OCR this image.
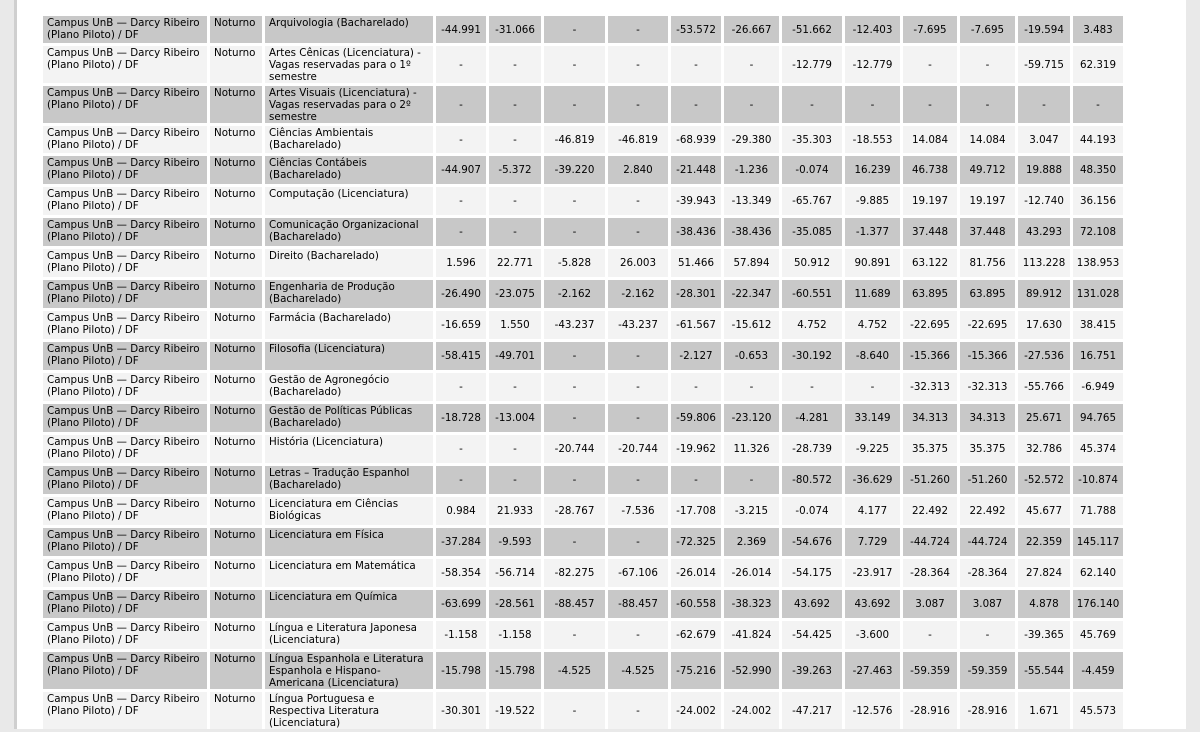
Campus UnB — Darcy Ribeiro (Plano Piloto) / DF	Noturno	Arquivologia (Bacharelado)	-44.991	-31.066	-	-	-53.572	-26.667	-51.662	-12.403	-7.695	-7.695	-19.594	3.483
Campus UnB — Darcy Ribeiro (Plano Piloto) / DF	Noturno	Artes Cênicas (Licenciatura) - Vagas reservadas para o 1º semestre	-	-	-	-	-	-	-12.779	-12.779	-	-	-59.715	62.319
Campus UnB — Darcy Ribeiro (Plano Piloto) / DF	Noturno	Artes Visuais (Licenciatura) - Vagas reservadas para o 2º semestre	-	-	-	-	-	-	-	-	-	-	-	-
Campus UnB — Darcy Ribeiro (Plano Piloto) / DF	Noturno	Ciências Ambientais (Bacharelado)	-	-	-46.819	-46.819	-68.939	-29.380	-35.303	-18.553	14.084	14.084	3.047	44.193
Campus UnB — Darcy Ribeiro (Plano Piloto) / DF	Noturno	Ciências Contábeis (Bacharelado)	-44.907	-5.372	-39.220	2.840	-21.448	-1.236	-0.074	16.239	46.738	49.712	19.888	48.350
Campus UnB — Darcy Ribeiro (Plano Piloto) / DF	Noturno	Computação (Licenciatura)	-	-	-	-	-39.943	-13.349	-65.767	-9.885	19.197	19.197	-12.740	36.156
Campus UnB — Darcy Ribeiro (Plano Piloto) / DF	Noturno	Comunicação Organizacional (Bacharelado)	-	-	-	-	-38.436	-38.436	-35.085	-1.377	37.448	37.448	43.293	72.108
Campus UnB — Darcy Ribeiro (Plano Piloto) / DF	Noturno	Direito (Bacharelado)	1.596	22.771	-5.828	26.003	51.466	57.894	50.912	90.891	63.122	81.756	113.228	138.953
Campus UnB — Darcy Ribeiro (Plano Piloto) / DF	Noturno	Engenharia de Produção (Bacharelado)	-26.490	-23.075	-2.162	-2.162	-28.301	-22.347	-60.551	11.689	63.895	63.895	89.912	131.028
Campus UnB — Darcy Ribeiro (Plano Piloto) / DF	Noturno	Farmácia (Bacharelado)	-16.659	1.550	-43.237	-43.237	-61.567	-15.612	4.752	4.752	-22.695	-22.695	17.630	38.415
Campus UnB — Darcy Ribeiro (Plano Piloto) / DF	Noturno	Filosofia (Licenciatura)	-58.415	-49.701	-	-	-2.127	-0.653	-30.192	-8.640	-15.366	-15.366	-27.536	16.751
Campus UnB — Darcy Ribeiro (Plano Piloto) / DF	Noturno	Gestão de Agronegócio (Bacharelado)	-	-	-	-	-	-	-	-	-32.313	-32.313	-55.766	-6.949
Campus UnB — Darcy Ribeiro (Plano Piloto) / DF	Noturno	Gestão de Políticas Públicas (Bacharelado)	-18.728	-13.004	-	-	-59.806	-23.120	-4.281	33.149	34.313	34.313	25.671	94.765
Campus UnB — Darcy Ribeiro (Plano Piloto) / DF	Noturno	História (Licenciatura)	-	-	-20.744	-20.744	-19.962	11.326	-28.739	-9.225	35.375	35.375	32.786	45.374
Campus UnB — Darcy Ribeiro (Plano Piloto) / DF	Noturno	Letras – Tradução Espanhol (Bacharelado)	-	-	-	-	-	-	-80.572	-36.629	-51.260	-51.260	-52.572	-10.874
Campus UnB — Darcy Ribeiro (Plano Piloto) / DF	Noturno	Licenciatura em Ciências Biológicas	0.984	21.933	-28.767	-7.536	-17.708	-3.215	-0.074	4.177	22.492	22.492	45.677	71.788
Campus UnB — Darcy Ribeiro (Plano Piloto) / DF	Noturno	Licenciatura em Física	-37.284	-9.593	-	-	-72.325	2.369	-54.676	7.729	-44.724	-44.724	22.359	145.117
Campus UnB — Darcy Ribeiro (Plano Piloto) / DF	Noturno	Licenciatura em Matemática	-58.354	-56.714	-82.275	-67.106	-26.014	-26.014	-54.175	-23.917	-28.364	-28.364	27.824	62.140
Campus UnB — Darcy Ribeiro (Plano Piloto) / DF	Noturno	Licenciatura em Química	-63.699	-28.561	-88.457	-88.457	-60.558	-38.323	43.692	43.692	3.087	3.087	4.878	176.140
Campus UnB — Darcy Ribeiro (Plano Piloto) / DF	Noturno	Língua e Literatura Japonesa (Licenciatura)	-1.158	-1.158	-	-	-62.679	-41.824	-54.425	-3.600	-	-	-39.365	45.769
Campus UnB — Darcy Ribeiro (Plano Piloto) / DF	Noturno	Língua Espanhola e Literatura Espanhola e Hispano-Americana (Licenciatura)	-15.798	-15.798	-4.525	-4.525	-75.216	-52.990	-39.263	-27.463	-59.359	-59.359	-55.544	-4.459
Campus UnB — Darcy Ribeiro (Plano Piloto) / DF	Noturno	Língua Portuguesa e Respectiva Literatura (Licenciatura)	-30.301	-19.522	-	-	-24.002	-24.002	-47.217	-12.576	-28.916	-28.916	1.671	45.573
